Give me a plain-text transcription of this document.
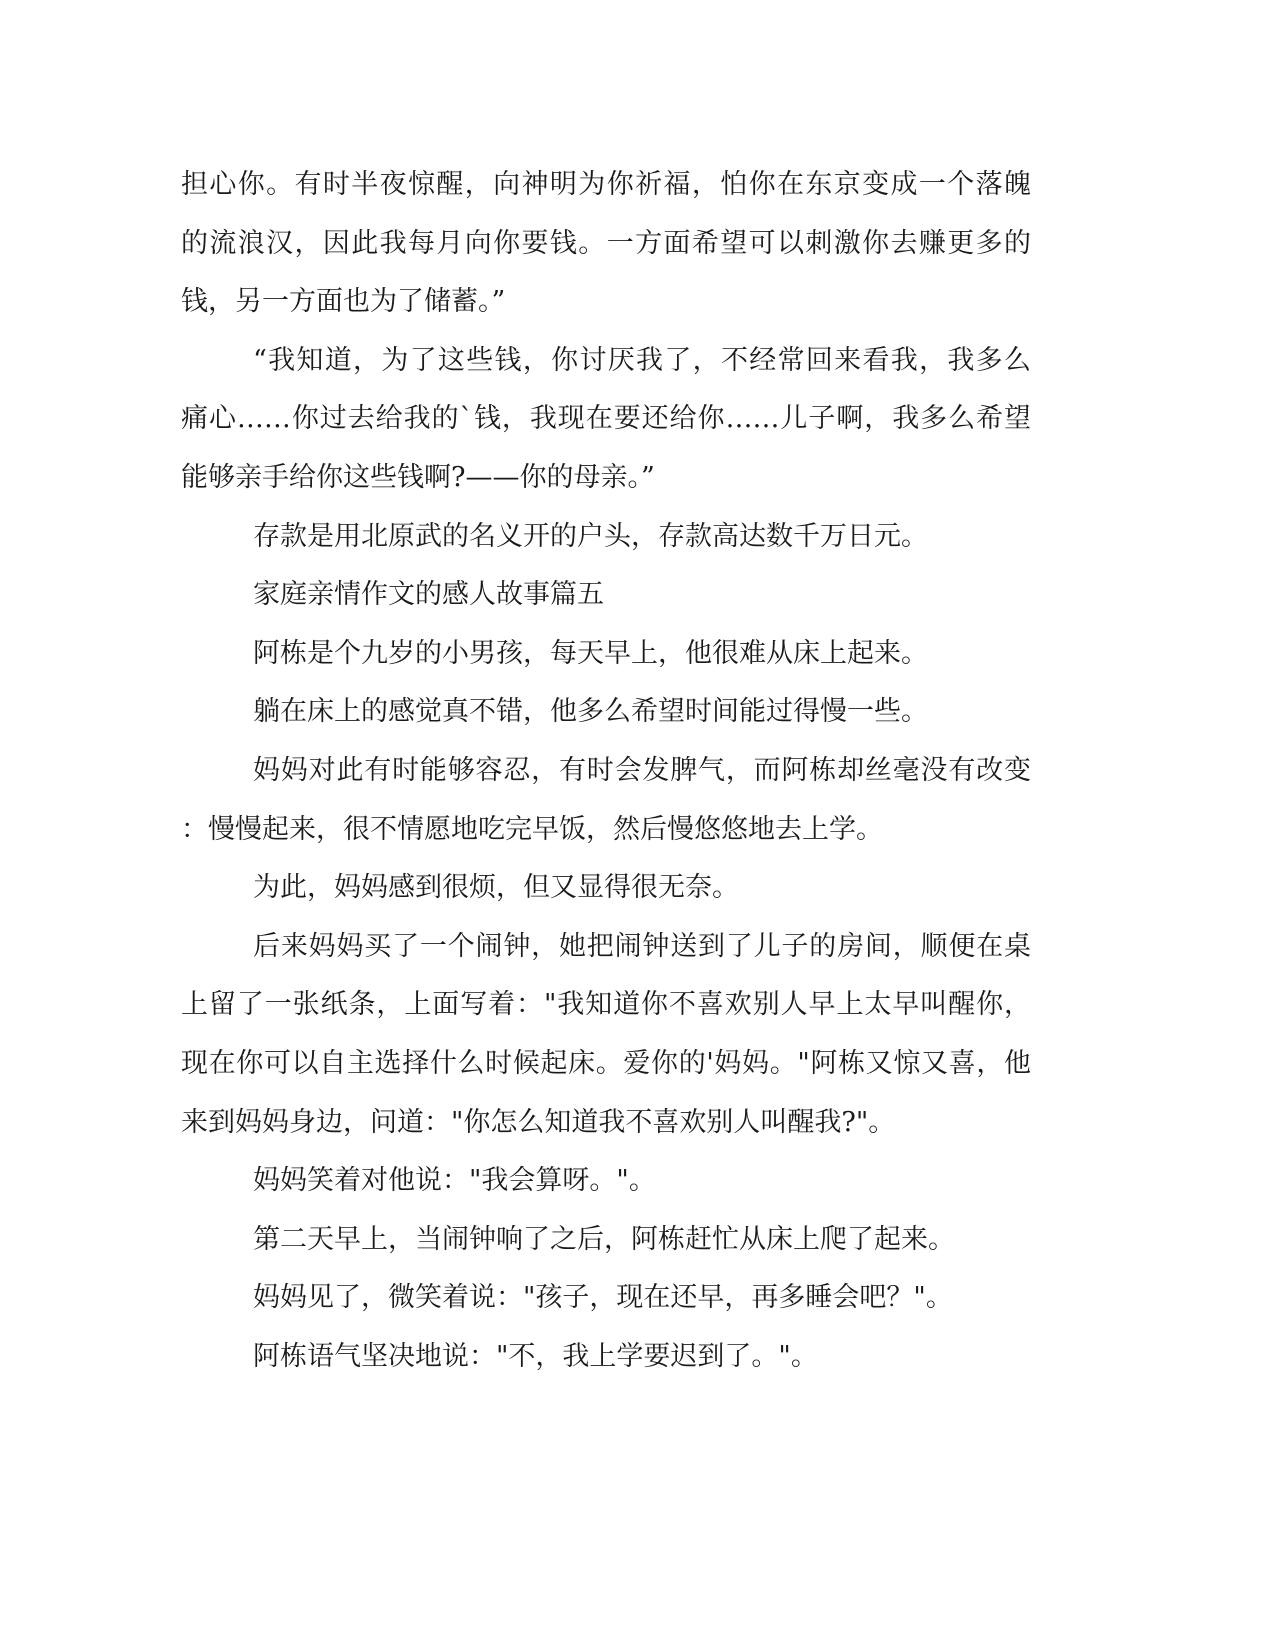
担心你。有时半夜惊醒，向神明为你祈福，怕你在东京变成一个落魄
的流浪汉，因此我每月向你要钱。一方面希望可以刺激你去赚更多的
钱，另一方面也为了储蓄。”
“我知道，为了这些钱，你讨厌我了，不经常回来看我，我多么
痛心……你过去给我的`钱，我现在要还给你……儿子啊，我多么希望
能够亲手给你这些钱啊?——你的母亲。”
存款是用北原武的名义开的户头，存款高达数千万日元。
家庭亲情作文的感人故事篇五
阿栋是个九岁的小男孩，每天早上，他很难从床上起来。
躺在床上的感觉真不错，他多么希望时间能过得慢一些。
妈妈对此有时能够容忍，有时会发脾气，而阿栋却丝毫没有改变
：慢慢起来，很不情愿地吃完早饭，然后慢悠悠地去上学。
为此，妈妈感到很烦，但又显得很无奈。
后来妈妈买了一个闹钟，她把闹钟送到了儿子的房间，顺便在桌
上留了一张纸条，上面写着："我知道你不喜欢别人早上太早叫醒你，
现在你可以自主选择什么时候起床。爱你的'妈妈。"阿栋又惊又喜，他
来到妈妈身边，问道："你怎么知道我不喜欢别人叫醒我?"。
妈妈笑着对他说："我会算呀。"。
第二天早上，当闹钟响了之后，阿栋赶忙从床上爬了起来。
妈妈见了，微笑着说："孩子，现在还早，再多睡会吧？"。
阿栋语气坚决地说："不，我上学要迟到了。"。
